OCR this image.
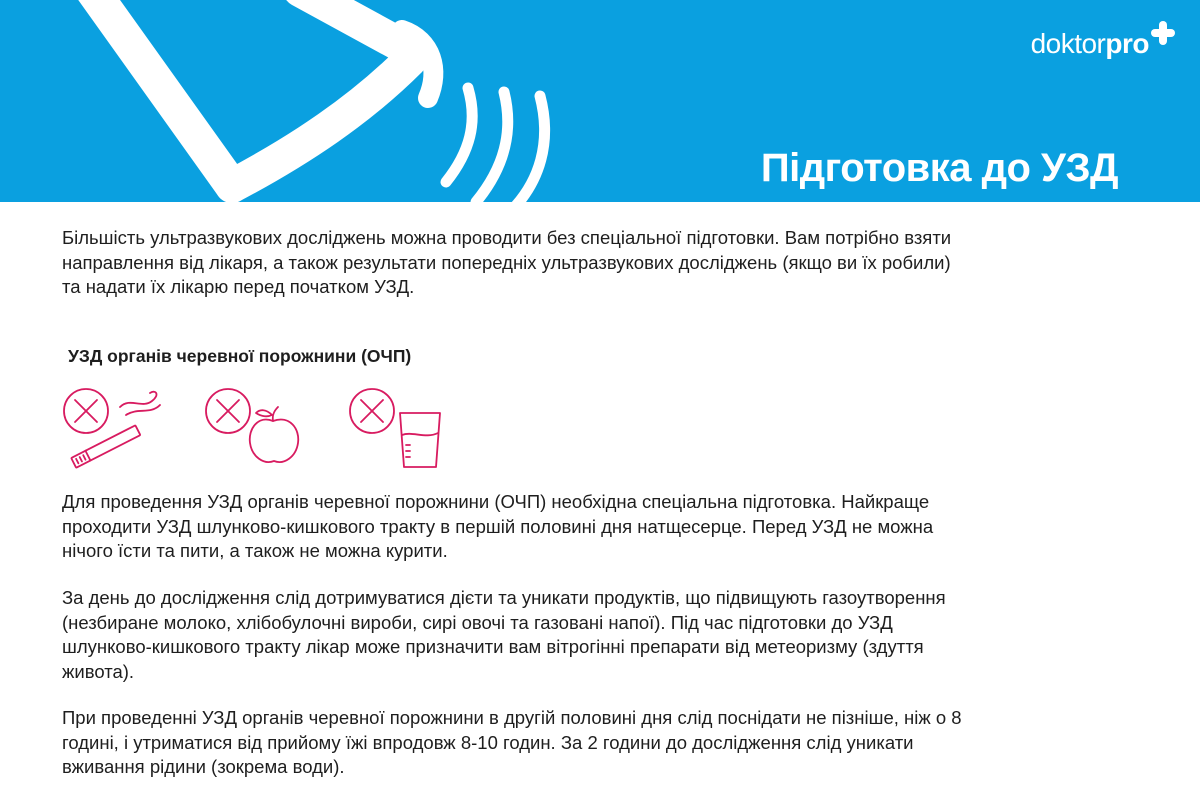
doktor pro
Підготовка до УЗД
Більшість ультразвукових досліджень можна проводити без спеціальної підготовки. Вам потрібно взяти
направлення від лікаря, а також результати попередніх ультразвукових досліджень (якщо ви їх робили)
та надати їх лікарю перед початком УЗД.
УЗД органів черевної порожнини (ОЧП)
Для проведення УЗД органів черевної порожнини (ОЧП) необхідна спеціальна підготовка. Найкраще
проходити УЗД шлунково-кишкового тракту в першій половині дня натщесерце. Перед УЗД не можна
нічого їсти та пити, а також не можна курити.
За день до дослідження слід дотримуватися дієти та уникати продуктів, що підвищують газоутворення
(незбиране молоко, хлібобулочні вироби, сирі овочі та газовані напої). Під час підготовки до УЗД
шлунково-кишкового тракту лікар може призначити вам вітрогінні препарати від метеоризму (здуття
живота).
При проведенні УЗД органів черевної порожнини в другій половині дня слід поснідати не пізніше, ніж о 8
годині, і утриматися від прийому їжі впродовж 8-10 годин. За 2 години до дослідження слід уникати
вживання рідини (зокрема води).
